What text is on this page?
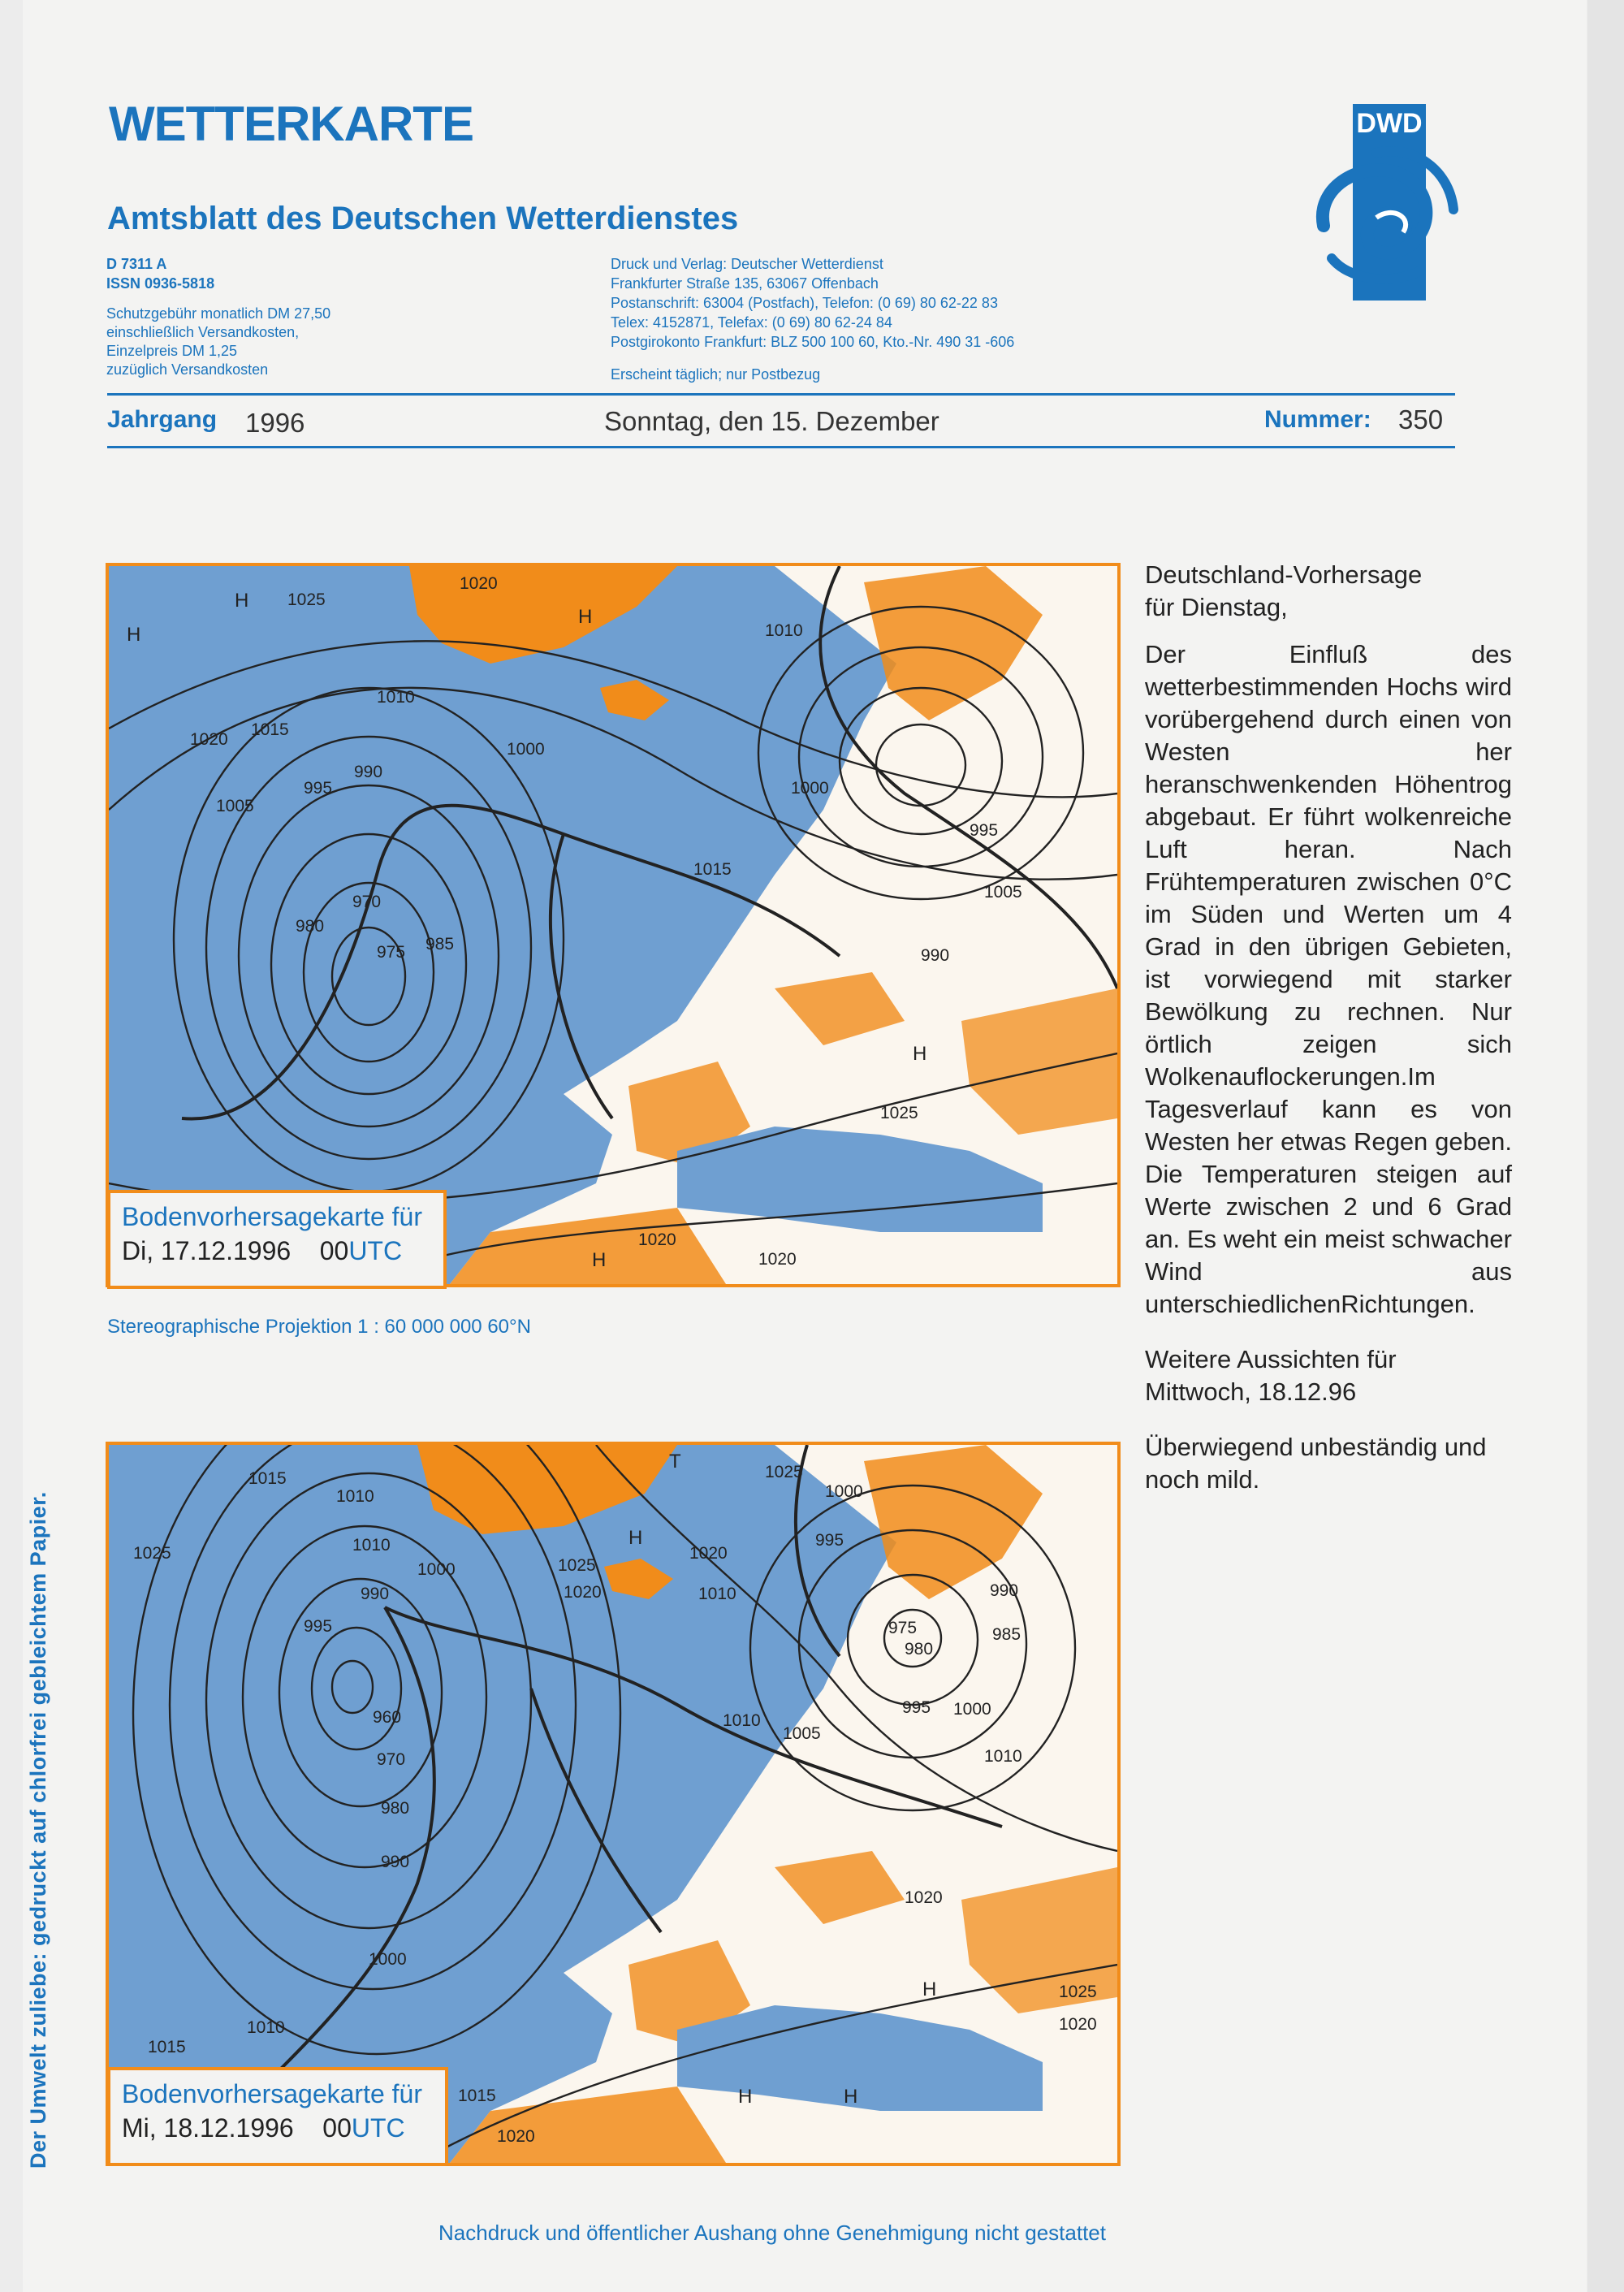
Der Umwelt zuliebe: gedruckt auf chlorfrei gebleichtem Papier.
WETTERKARTE
Amtsblatt des Deutschen Wetterdienstes
D 7311 A
ISSN 0936-5818
Schutzgebühr monatlich DM 27,50
einschließlich Versandkosten,
Einzelpreis DM 1,25
zuzüglich Versandkosten
Druck und Verlag: Deutscher Wetterdienst
Frankfurter Straße 135, 63067 Offenbach
Postanschrift: 63004 (Postfach), Telefon: (0 69) 80 62-22 83
Telex: 4152871, Telefax: (0 69) 80 62-24 84
Postgirokonto Frankfurt: BLZ 500 100 60, Kto.-Nr. 490 31 -606
Erscheint täglich; nur Postbezug
DWD
Jahrgang 1996	Sonntag, den 15. Dezember	Nummer: 350
1025
1020
1015
1010
1005
1000
995
990
985
980
975
970
1020
1015
1010
1005
1000
995
990
1020
1025
1020
H
H
H
H
H
Bodenvorhersagekarte für
Di, 17.12.1996 00UTC
Stereographische Projektion 1 : 60 000 000 60°N
1015
1010
1025	1010
1000
990
995
960
970
980
990
1000
1010
1015
1025
1020
1020
1010
1005
1010
1025
1000
995
990
975
980
985
995 1000
1010
1020
1025
1020
1020
1015
H
H	H
H
T
Bodenvorhersagekarte für
Mi, 18.12.1996 00UTC

Deutschland-Vorhersage
für Dienstag,

Der Einfluß des wetterbestimmenden Hochs wird vorübergehend durch einen von Westen her heranschwenkenden Höhentrog abgebaut. Er führt wolkenreiche Luft heran. Nach Frühtemperaturen zwischen 0°C im Süden und Werten um 4 Grad in den übrigen Gebieten, ist vorwiegend mit starker Bewölkung zu rechnen. Nur örtlich zeigen sich Wolkenauflockerungen.Im Tagesverlauf kann es von Westen her etwas Regen geben. Die Temperaturen steigen auf Werte zwischen 2 und 6 Grad an. Es weht ein meist schwacher Wind aus unterschiedlichenRichtungen.

Weitere Aussichten für
Mittwoch, 18.12.96

Überwiegend unbeständig und noch mild.

Nachdruck und öffentlicher Aushang ohne Genehmigung nicht gestattet
